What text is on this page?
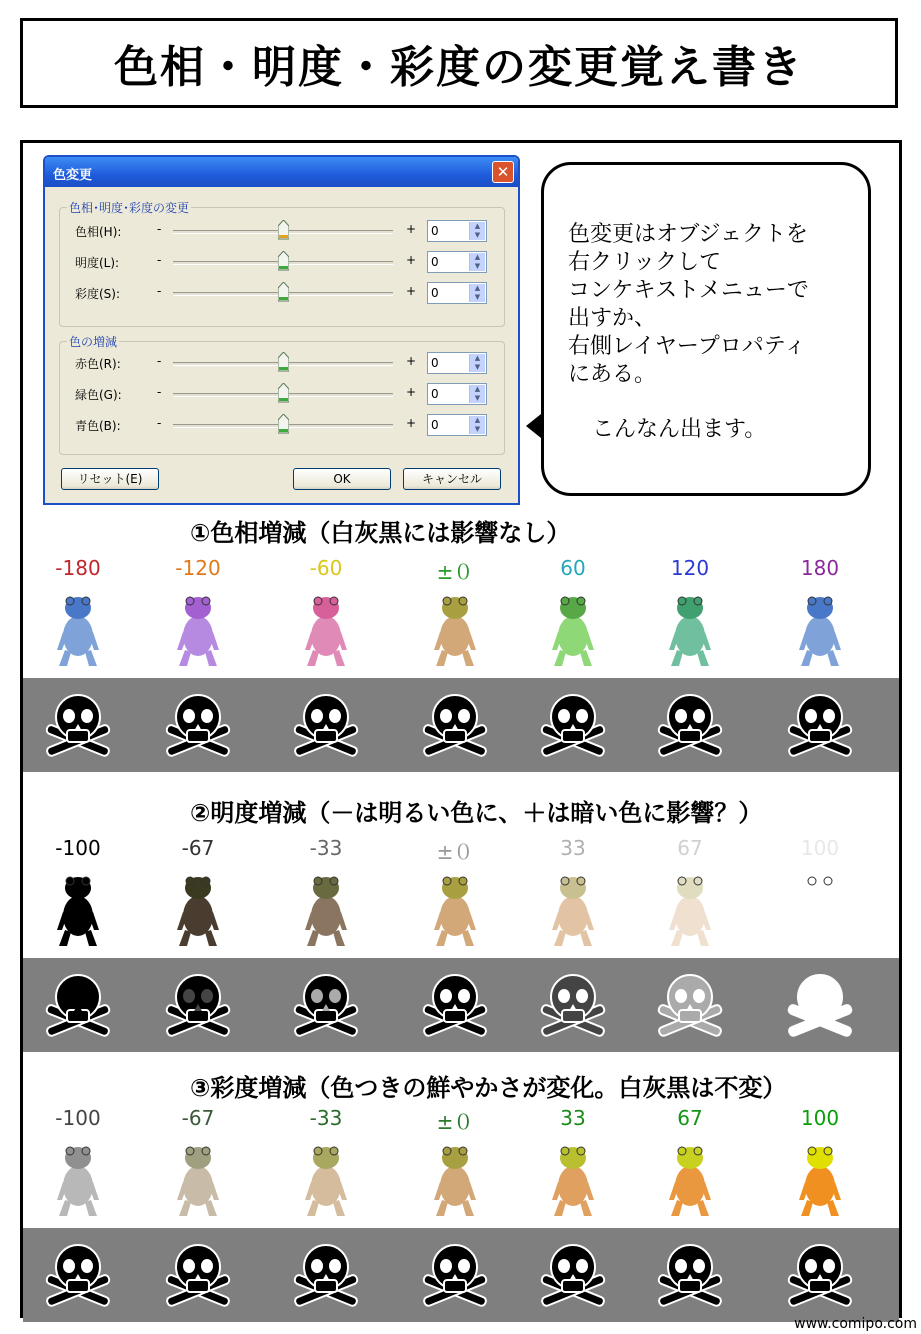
色相・明度・彩度の変更覚え書き
色変更	✕
色相･明度･彩度の変更
色の増減
リセット(E)	OK	キャンセル
色相(H):	-	+ 0	▲
▼
明度(L):	-	+ 0	▲
▼
彩度(S):	-	+ 0	▲
▼
赤色(R):	-	+ 0	▲
▼
緑色(G):	-	+ 0	▲
▼
青色(B):	-	+ 0	▲
▼
色変更はオブジェクトを
右クリックして
コンケキストメニューで
出すか、
右側レイヤープロパティ
にある。
こんなん出ます。
①色相増減（白灰黒には影響なし）
-180	-120	-60	±０	60	120	180
②明度増減（－は明るい色に、＋は暗い色に影響？）
-100	-67	-33	±０	33	67	100
③彩度増減（色つきの鮮やかさが変化。白灰黒は不変）
-100	-67	-33	±０	33	67	100
www.comipo.com
